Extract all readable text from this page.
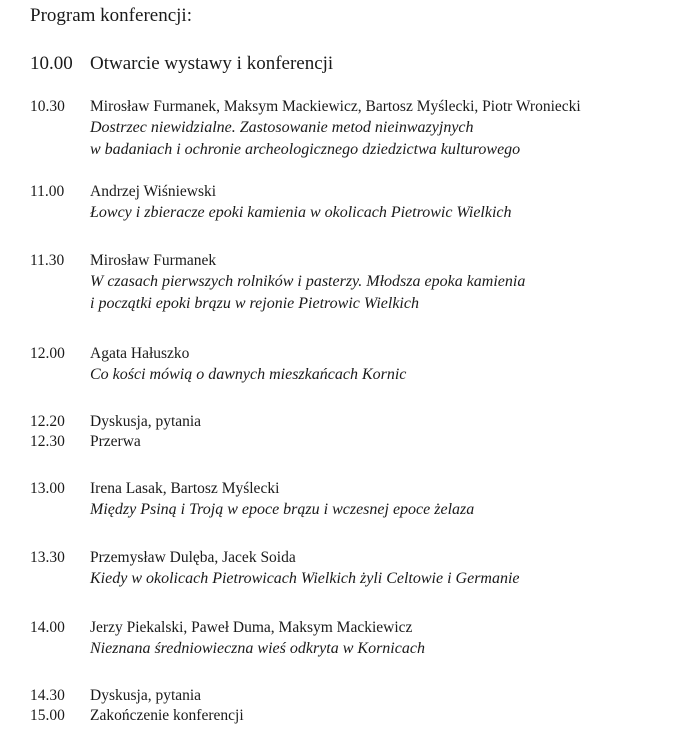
Program konferencji:
10.00 Otwarcie wystawy i konferencji
10.30 Mirosław Furmanek, Maksym Mackiewicz, Bartosz Myślecki, Piotr Wroniecki
Dostrzec niewidzialne. Zastosowanie metod nieinwazyjnych
w badaniach i ochronie archeologicznego dziedzictwa kulturowego
11.00 Andrzej Wiśniewski
Łowcy i zbieracze epoki kamienia w okolicach Pietrowic Wielkich
11.30 Mirosław Furmanek
W czasach pierwszych rolników i pasterzy. Młodsza epoka kamienia
i początki epoki brązu w rejonie Pietrowic Wielkich
12.00 Agata Hałuszko
Co kości mówią o dawnych mieszkańcach Kornic
12.20 Dyskusja, pytania
12.30 Przerwa
13.00 Irena Lasak, Bartosz Myślecki
Między Psiną i Troją w epoce brązu i wczesnej epoce żelaza
13.30 Przemysław Dulęba, Jacek Soida
Kiedy w okolicach Pietrowicach Wielkich żyli Celtowie i Germanie
14.00 Jerzy Piekalski, Paweł Duma, Maksym Mackiewicz
Nieznana średniowieczna wieś odkryta w Kornicach
14.30 Dyskusja, pytania
15.00 Zakończenie konferencji
